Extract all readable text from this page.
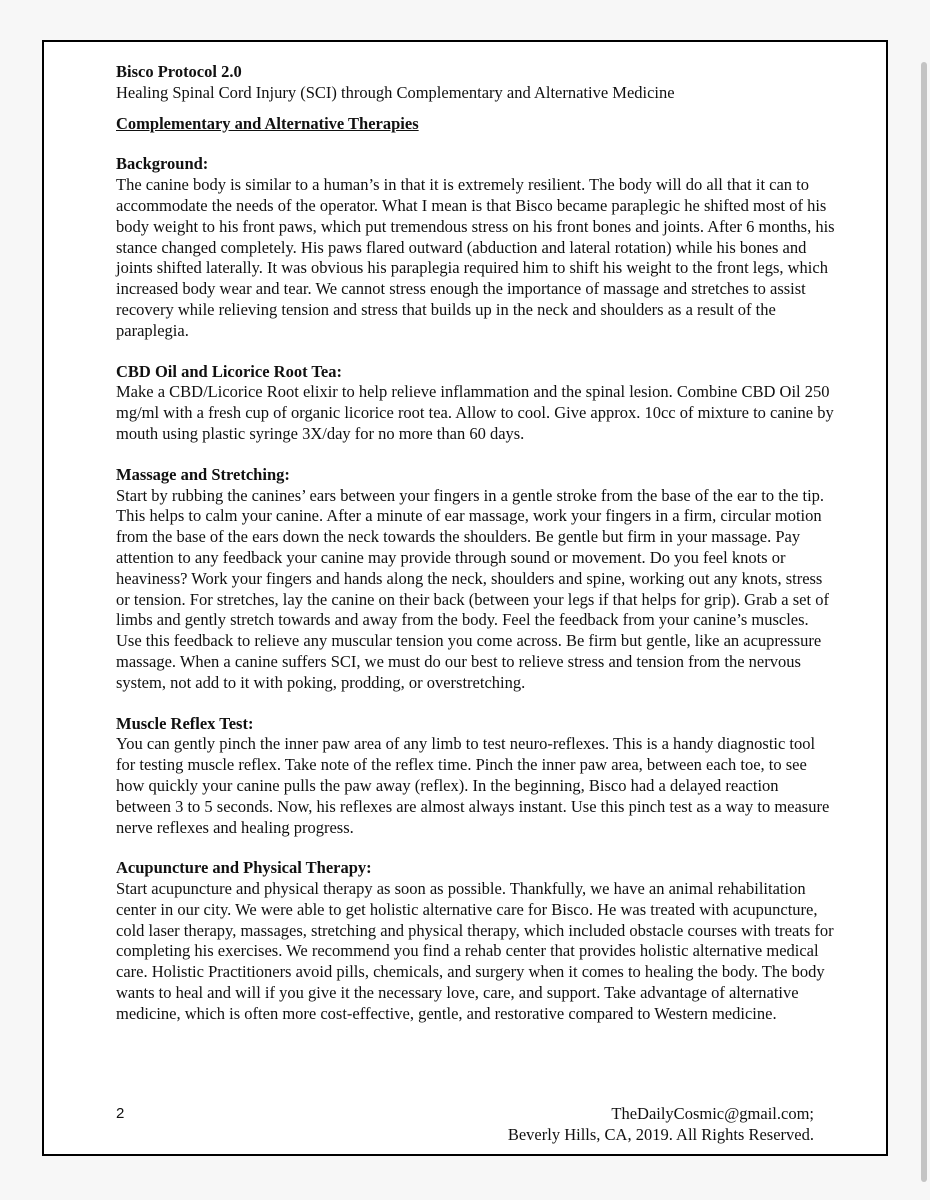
Bisco Protocol 2.0

Healing Spinal Cord Injury (SCI) through Complementary and Alternative Medicine

Complementary and Alternative Therapies

Background:

The canine body is similar to a human’s in that it is extremely resilient. The body will do all that it can to accommodate the needs of the operator. What I mean is that Bisco became paraplegic he shifted most of his body weight to his front paws, which put tremendous stress on his front bones and joints. After 6 months, his stance changed completely. His paws flared outward (abduction and lateral rotation) while his bones and joints shifted laterally. It was obvious his paraplegia required him to shift his weight to the front legs, which increased body wear and tear. We cannot stress enough the importance of massage and stretches to assist recovery while relieving tension and stress that builds up in the neck and shoulders as a result of the paraplegia.

CBD Oil and Licorice Root Tea:

Make a CBD/Licorice Root elixir to help relieve inflammation and the spinal lesion. Combine CBD Oil 250 mg/ml with a fresh cup of organic licorice root tea. Allow to cool. Give approx. 10cc of mixture to canine by mouth using plastic syringe 3X/day for no more than 60 days.

Massage and Stretching:

Start by rubbing the canines’ ears between your fingers in a gentle stroke from the base of the ear to the tip. This helps to calm your canine. After a minute of ear massage, work your fingers in a firm, circular motion from the base of the ears down the neck towards the shoulders. Be gentle but firm in your massage. Pay attention to any feedback your canine may provide through sound or movement. Do you feel knots or heaviness? Work your fingers and hands along the neck, shoulders and spine, working out any knots, stress or tension. For stretches, lay the canine on their back (between your legs if that helps for grip). Grab a set of limbs and gently stretch towards and away from the body. Feel the feedback from your canine’s muscles. Use this feedback to relieve any muscular tension you come across. Be firm but gentle, like an acupressure massage. When a canine suffers SCI, we must do our best to relieve stress and tension from the nervous system, not add to it with poking, prodding, or overstretching.

Muscle Reflex Test:

You can gently pinch the inner paw area of any limb to test neuro-reflexes. This is a handy diagnostic tool for testing muscle reflex. Take note of the reflex time. Pinch the inner paw area, between each toe, to see how quickly your canine pulls the paw away (reflex). In the beginning, Bisco had a delayed reaction between 3 to 5 seconds. Now, his reflexes are almost always instant. Use this pinch test as a way to measure nerve reflexes and healing progress.

Acupuncture and Physical Therapy:

Start acupuncture and physical therapy as soon as possible. Thankfully, we have an animal rehabilitation center in our city. We were able to get holistic alternative care for Bisco. He was treated with acupuncture, cold laser therapy, massages, stretching and physical therapy, which included obstacle courses with treats for completing his exercises. We recommend you find a rehab center that provides holistic alternative medical care. Holistic Practitioners avoid pills, chemicals, and surgery when it comes to healing the body. The body wants to heal and will if you give it the necessary love, care, and support. Take advantage of alternative medicine, which is often more cost-effective, gentle, and restorative compared to Western medicine.

2	TheDailyCosmic@gmail.com;
Beverly Hills, CA, 2019. All Rights Reserved.
